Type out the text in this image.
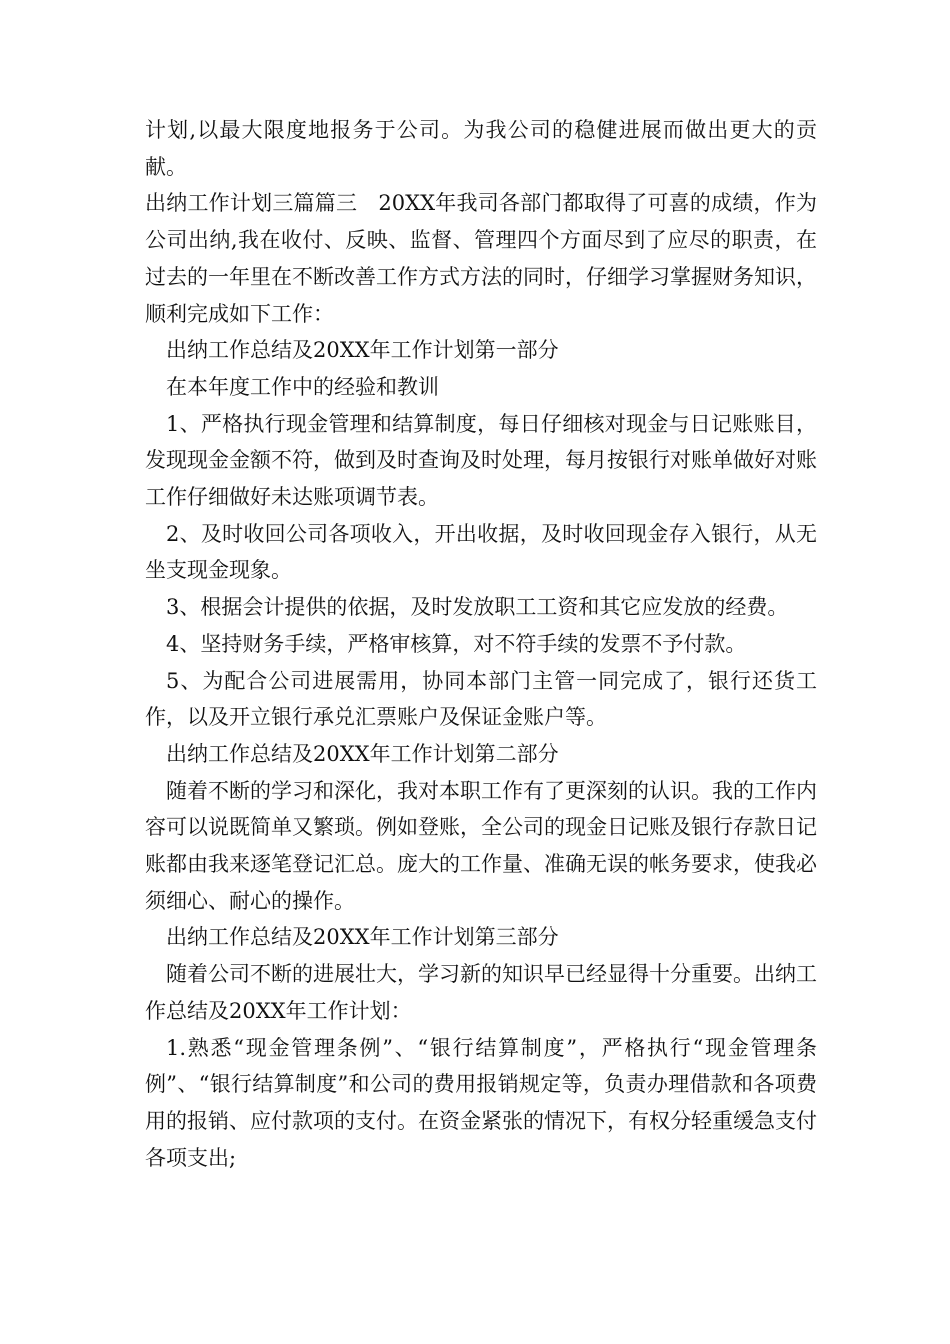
计划,以最大限度地报务于公司。为我公司的稳健进展而做出更大的贡献。

出纳工作计划三篇篇三　20XX年我司各部门都取得了可喜的成绩，作为公司出纳,我在收付、反映、监督、管理四个方面尽到了应尽的职责，在过去的一年里在不断改善工作方式方法的同时，仔细学习掌握财务知识，顺利完成如下工作：

出纳工作总结及20XX年工作计划第一部分

在本年度工作中的经验和教训

1、严格执行现金管理和结算制度，每日仔细核对现金与日记账账目，发现现金金额不符，做到及时查询及时处理，每月按银行对账单做好对账工作仔细做好未达账项调节表。

2、及时收回公司各项收入，开出收据，及时收回现金存入银行，从无坐支现金现象。

3、根据会计提供的依据，及时发放职工工资和其它应发放的经费。

4、坚持财务手续，严格审核算，对不符手续的发票不予付款。

5、为配合公司进展需用，协同本部门主管一同完成了，银行还货工作，以及开立银行承兑汇票账户及保证金账户等。

出纳工作总结及20XX年工作计划第二部分

随着不断的学习和深化，我对本职工作有了更深刻的认识。我的工作内容可以说既简单又繁琐。例如登账，全公司的现金日记账及银行存款日记账都由我来逐笔登记汇总。庞大的工作量、准确无误的帐务要求，使我必须细心、耐心的操作。

出纳工作总结及20XX年工作计划第三部分

随着公司不断的进展壮大，学习新的知识早已经显得十分重要。出纳工作总结及20XX年工作计划：

1.熟悉“现金管理条例”、“银行结算制度”，严格执行“现金管理条例”、“银行结算制度”和公司的费用报销规定等，负责办理借款和各项费用的报销、应付款项的支付。在资金紧张的情况下，有权分轻重缓急支付各项支出;
